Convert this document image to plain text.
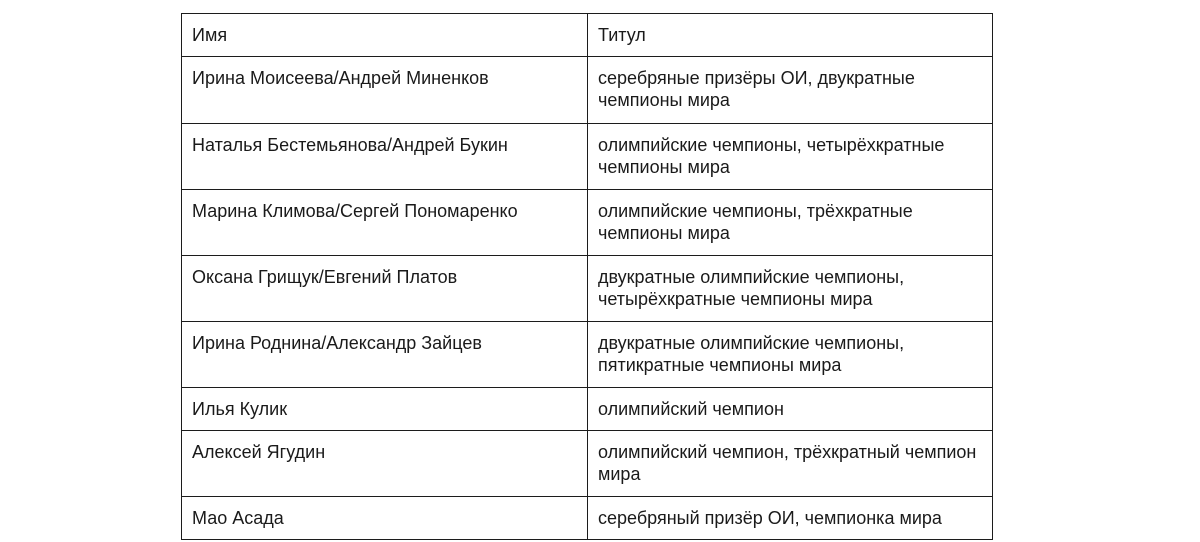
Имя	Титул
Ирина Моисеева/Андрей Миненков	серебряные призёры ОИ, двукратные чемпионы мира
Наталья Бестемьянова/Андрей Букин	олимпийские чемпионы, четырёхкратные чемпионы мира
Марина Климова/Сергей Пономаренко	олимпийские чемпионы, трёхкратные чемпионы мира
Оксана Грищук/Евгений Платов	двукратные олимпийские чемпионы, четырёхкратные чемпионы мира
Ирина Роднина/Александр Зайцев	двукратные олимпийские чемпионы, пятикратные чемпионы мира
Илья Кулик	олимпийский чемпион
Алексей Ягудин	олимпийский чемпион, трёхкратный чемпион мира
Мао Асада	серебряный призёр ОИ, чемпионка мира
